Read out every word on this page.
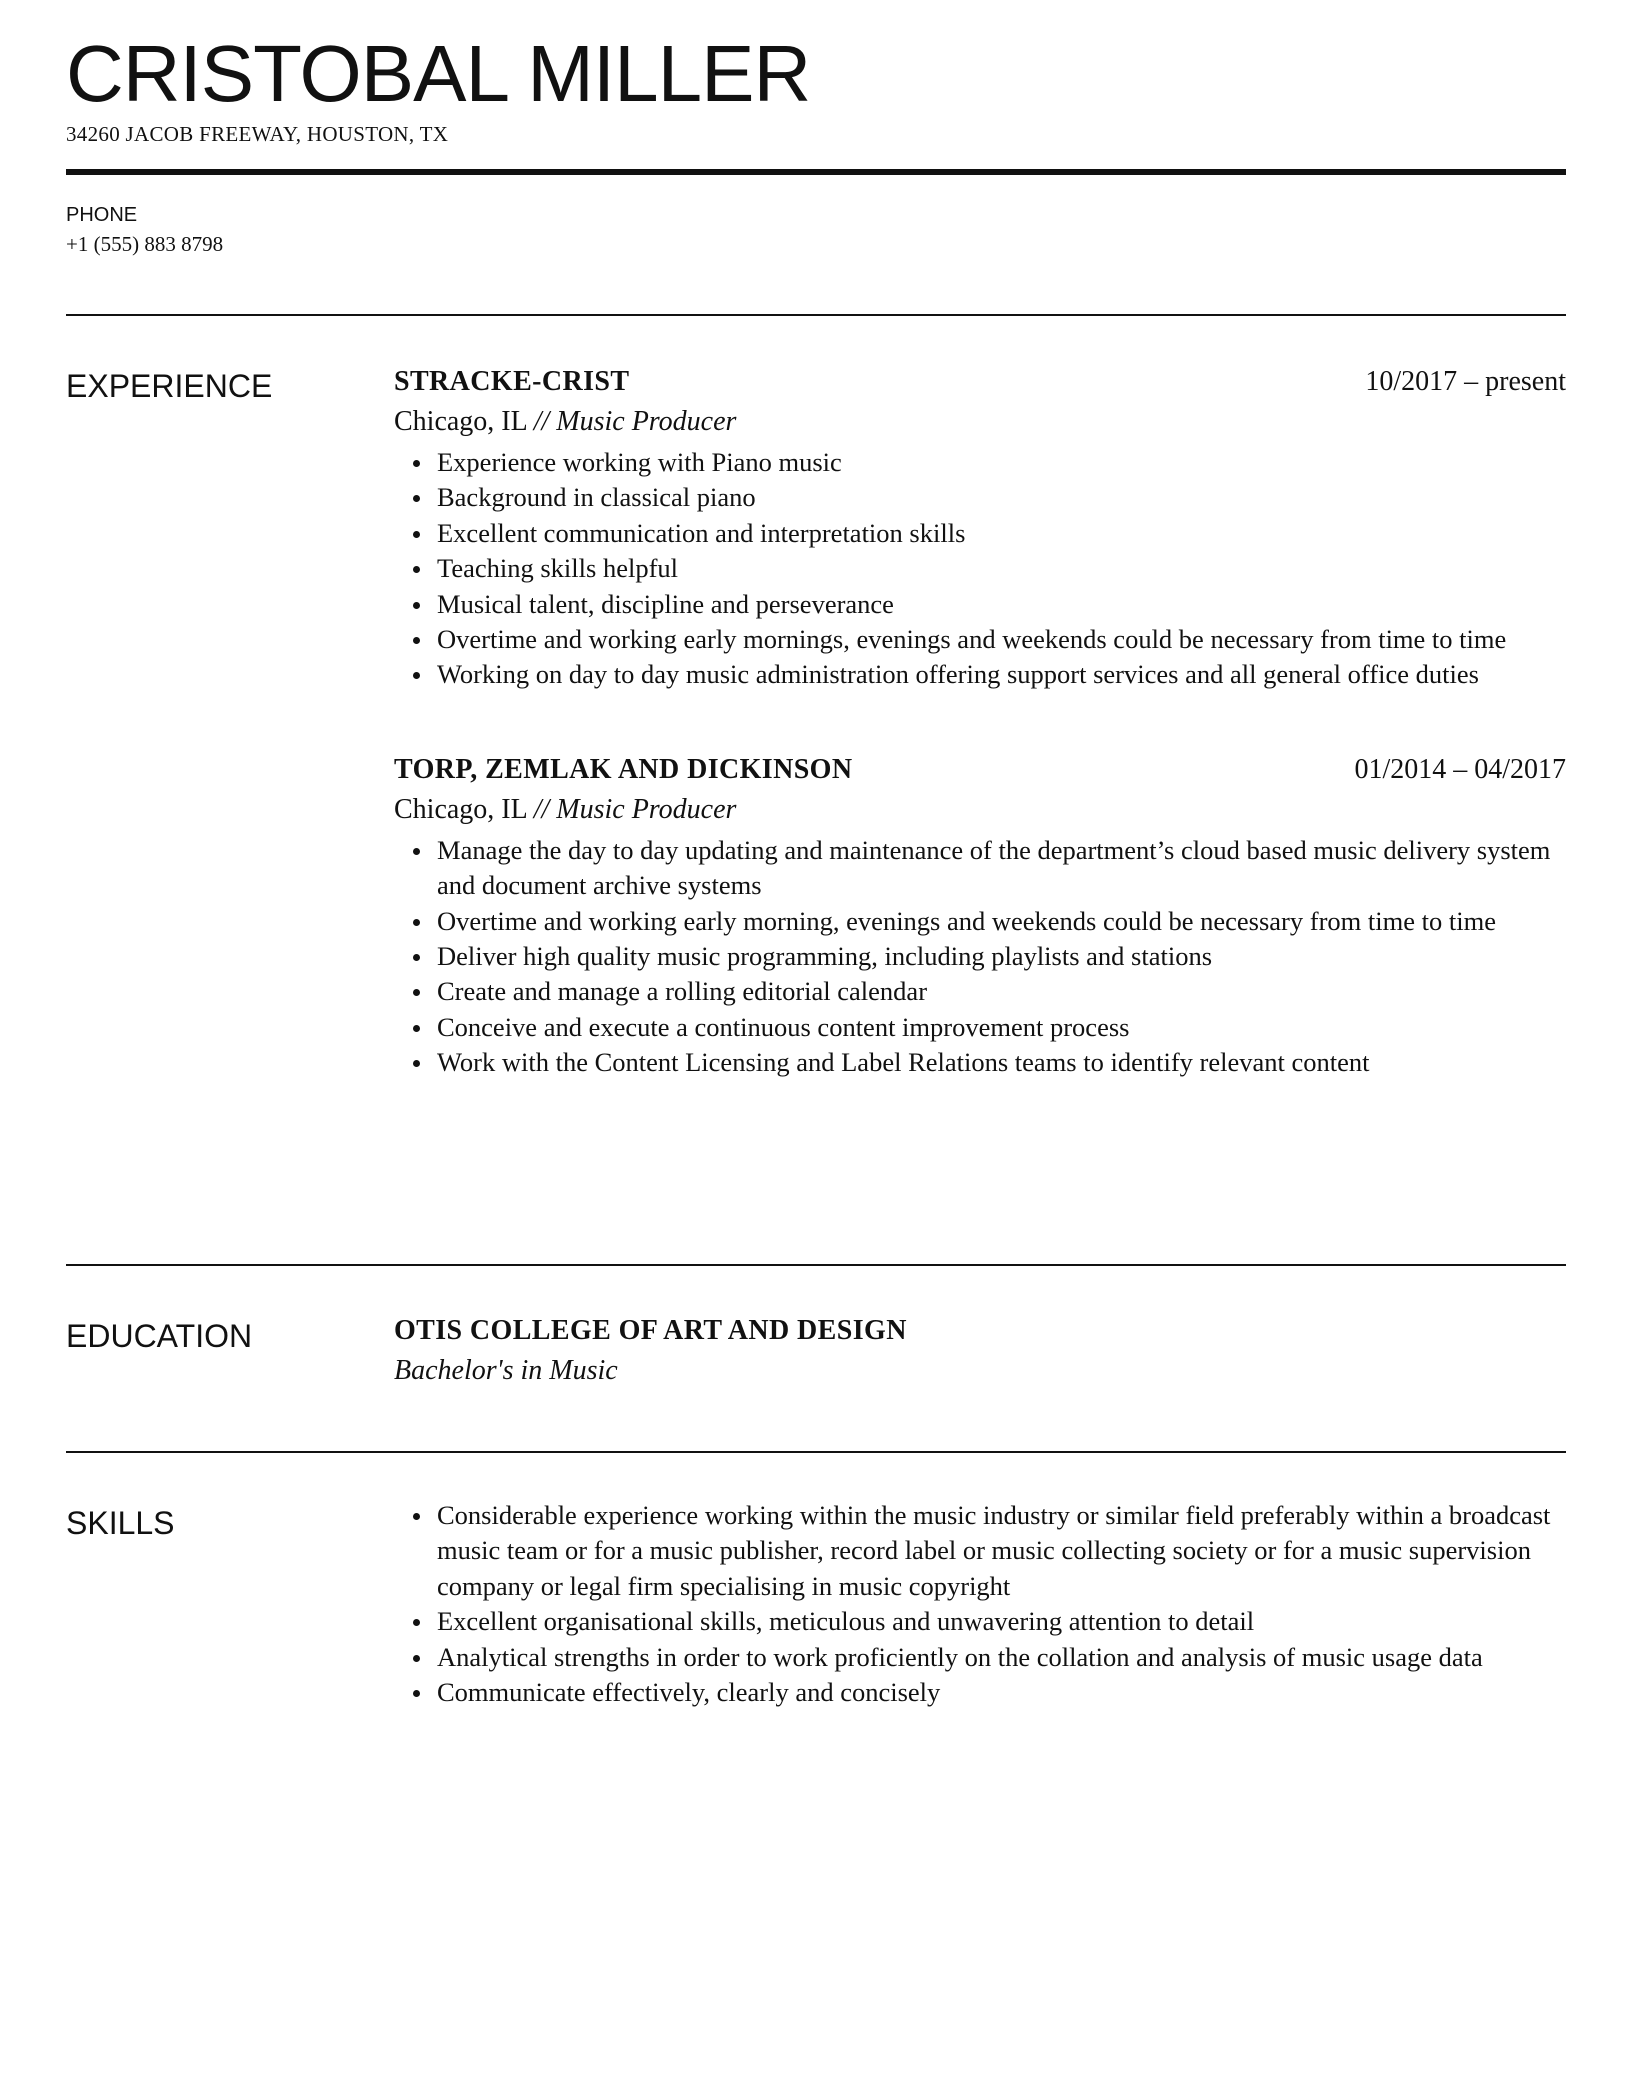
CRISTOBAL MILLER
34260 JACOB FREEWAY, HOUSTON, TX
PHONE
+1 (555) 883 8798
EXPERIENCE	STRACKE-CRIST	10/2017 – present
Chicago, IL // Music Producer
Experience working with Piano music
Background in classical piano
Excellent communication and interpretation skills
Teaching skills helpful
Musical talent, discipline and perseverance
Overtime and working early mornings, evenings and weekends could be necessary from time to time
Working on day to day music administration offering support services and all general office duties
TORP, ZEMLAK AND DICKINSON	01/2014 – 04/2017
Chicago, IL // Music Producer
Manage the day to day updating and maintenance of the department’s cloud based music delivery system and document archive systems
Overtime and working early morning, evenings and weekends could be necessary from time to time
Deliver high quality music programming, including playlists and stations
Create and manage a rolling editorial calendar
Conceive and execute a continuous content improvement process
Work with the Content Licensing and Label Relations teams to identify relevant content
EDUCATION	OTIS COLLEGE OF ART AND DESIGN
Bachelor's in Music
SKILLS	Considerable experience working within the music industry or similar field preferably within a broadcast music team or for a music publisher, record label or music collecting society or for a music supervision company or legal firm specialising in music copyright
Excellent organisational skills, meticulous and unwavering attention to detail
Analytical strengths in order to work proficiently on the collation and analysis of music usage data
Communicate effectively, clearly and concisely
